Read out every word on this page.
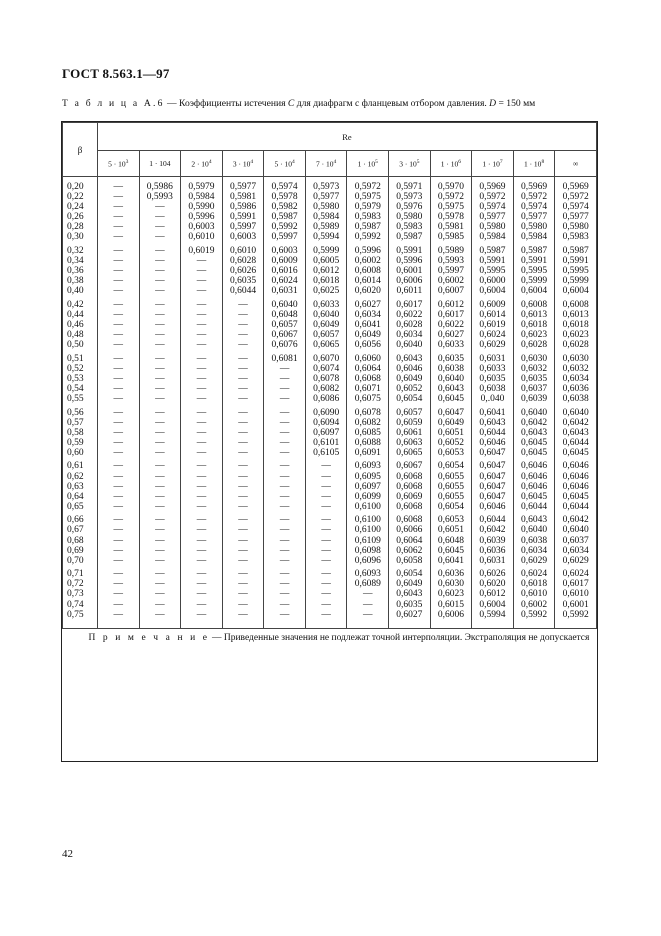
ГОСТ 8.563.1—97
Т а б л и ц а А.6 — Коэффициенты истечения C для диафрагм с фланцевым отбором давления. D = 150 мм
β	Re											
	$5 \cdot 10^3$	1 · 104	$2 \cdot 10^4$	$3 \cdot 10^4$	$5 \cdot 10^4$	$7 \cdot 10^4$	$1 \cdot 10^5$	$3 \cdot 10^5$	$1 \cdot 10^6$	$1 \cdot 10^7$	$1 \cdot 10^8$	∞
0,20	—	0,5986	0,5979	0,5977	0,5974	0,5973	0,5972	0,5971	0,5970	0,5969	0,5969	0,5969
0,22	—	0,5993	0,5984	0,5981	0,5978	0,5977	0,5975	0,5973	0,5972	0,5972	0,5972	0,5972
0,24	—	—	0,5990	0,5986	0,5982	0,5980	0,5979	0,5976	0,5975	0,5974	0,5974	0,5974
0,26	—	—	0,5996	0,5991	0,5987	0,5984	0,5983	0,5980	0,5978	0,5977	0,5977	0,5977
0,28	—	—	0,6003	0,5997	0,5992	0,5989	0,5987	0,5983	0,5981	0,5980	0,5980	0,5980
0,30	—	—	0,6010	0,6003	0,5997	0,5994	0,5992	0,5987	0,5985	0,5984	0,5984	0,5983
0,32	—	—	0,6019	0,6010	0,6003	0,5999	0,5996	0,5991	0,5989	0,5987	0,5987	0,5987
0,34	—	—	—	0,6028	0,6009	0,6005	0,6002	0,5996	0,5993	0,5991	0,5991	0,5991
0,36	—	—	—	0,6026	0,6016	0,6012	0,6008	0,6001	0,5997	0,5995	0,5995	0,5995
0,38	—	—	—	0,6035	0,6024	0,6018	0,6014	0,6006	0,6002	0,6000	0,5999	0,5999
0,40	—	—	—	0,6044	0,6031	0,6025	0,6020	0,6011	0,6007	0,6004	0,6004	0,6004
0,42	—	—	—	—	0,6040	0,6033	0,6027	0,6017	0,6012	0,6009	0,6008	0,6008
0,44	—	—	—	—	0,6048	0,6040	0,6034	0,6022	0,6017	0,6014	0,6013	0,6013
0,46	—	—	—	—	0,6057	0,6049	0,6041	0,6028	0,6022	0,6019	0,6018	0,6018
0,48	—	—	—	—	0,6067	0,6057	0,6049	0,6034	0,6027	0,6024	0,6023	0,6023
0,50	—	—	—	—	0,6076	0,6065	0,6056	0,6040	0,6033	0,6029	0,6028	0,6028
0,51	—	—	—	—	0,6081	0,6070	0,6060	0,6043	0,6035	0,6031	0,6030	0,6030
0,52	—	—	—	—	—	0,6074	0,6064	0,6046	0,6038	0,6033	0,6032	0,6032
0,53	—	—	—	—	—	0,6078	0,6068	0,6049	0,6040	0,6035	0,6035	0,6034
0,54	—	—	—	—	—	0,6082	0,6071	0,6052	0,6043	0,6038	0,6037	0,6036
0,55	—	—	—	—	—	0,6086	0,6075	0,6054	0,6045	0,.040	0,6039	0,6038
0,56	—	—	—	—	—	0,6090	0,6078	0,6057	0,6047	0,6041	0,6040	0,6040
0,57	—	—	—	—	—	0,6094	0,6082	0,6059	0,6049	0,6043	0,6042	0,6042
0,58	—	—	—	—	—	0,6097	0,6085	0,6061	0,6051	0,6044	0,6043	0,6043
0,59	—	—	—	—	—	0,6101	0,6088	0,6063	0,6052	0,6046	0,6045	0,6044
0,60	—	—	—	—	—	0,6105	0,6091	0,6065	0,6053	0,6047	0,6045	0,6045
0,61	—	—	—	—	—	—	0,6093	0,6067	0,6054	0,6047	0,6046	0,6046
0,62	—	—	—	—	—	—	0,6095	0,6068	0,6055	0,6047	0,6046	0,6046
0,63	—	—	—	—	—	—	0,6097	0,6068	0,6055	0,6047	0,6046	0,6046
0,64	—	—	—	—	—	—	0,6099	0,6069	0,6055	0,6047	0,6045	0,6045
0,65	—	—	—	—	—	—	0,6100	0,6068	0,6054	0,6046	0,6044	0,6044
0,66	—	—	—	—	—	—	0,6100	0,6068	0,6053	0,6044	0,6043	0,6042
0,67	—	—	—	—	—	—	0,6100	0,6066	0,6051	0,6042	0,6040	0,6040
0,68	—	—	—	—	—	—	0,6109	0,6064	0,6048	0,6039	0,6038	0,6037
0,69	—	—	—	—	—	—	0,6098	0,6062	0,6045	0,6036	0,6034	0,6034
0,70	—	—	—	—	—	—	0,6096	0,6058	0,6041	0,6031	0,6029	0,6029
0,71	—	—	—	—	—	—	0,6093	0,6054	0,6036	0,6026	0,6024	0,6024
0,72	—	—	—	—	—	—	0,6089	0,6049	0,6030	0,6020	0,6018	0,6017
0,73	—	—	—	—	—	—	—	0,6043	0,6023	0,6012	0,6010	0,6010
0,74	—	—	—	—	—	—	—	0,6035	0,6015	0,6004	0,6002	0,6001
0,75	—	—	—	—	—	—	—	0,6027	0,6006	0,5994	0,5992	0,5992
П р и м е ч а н и е — Приведенные значения не подлежат точной интерполяции. Экстраполяция не допускается												
42
